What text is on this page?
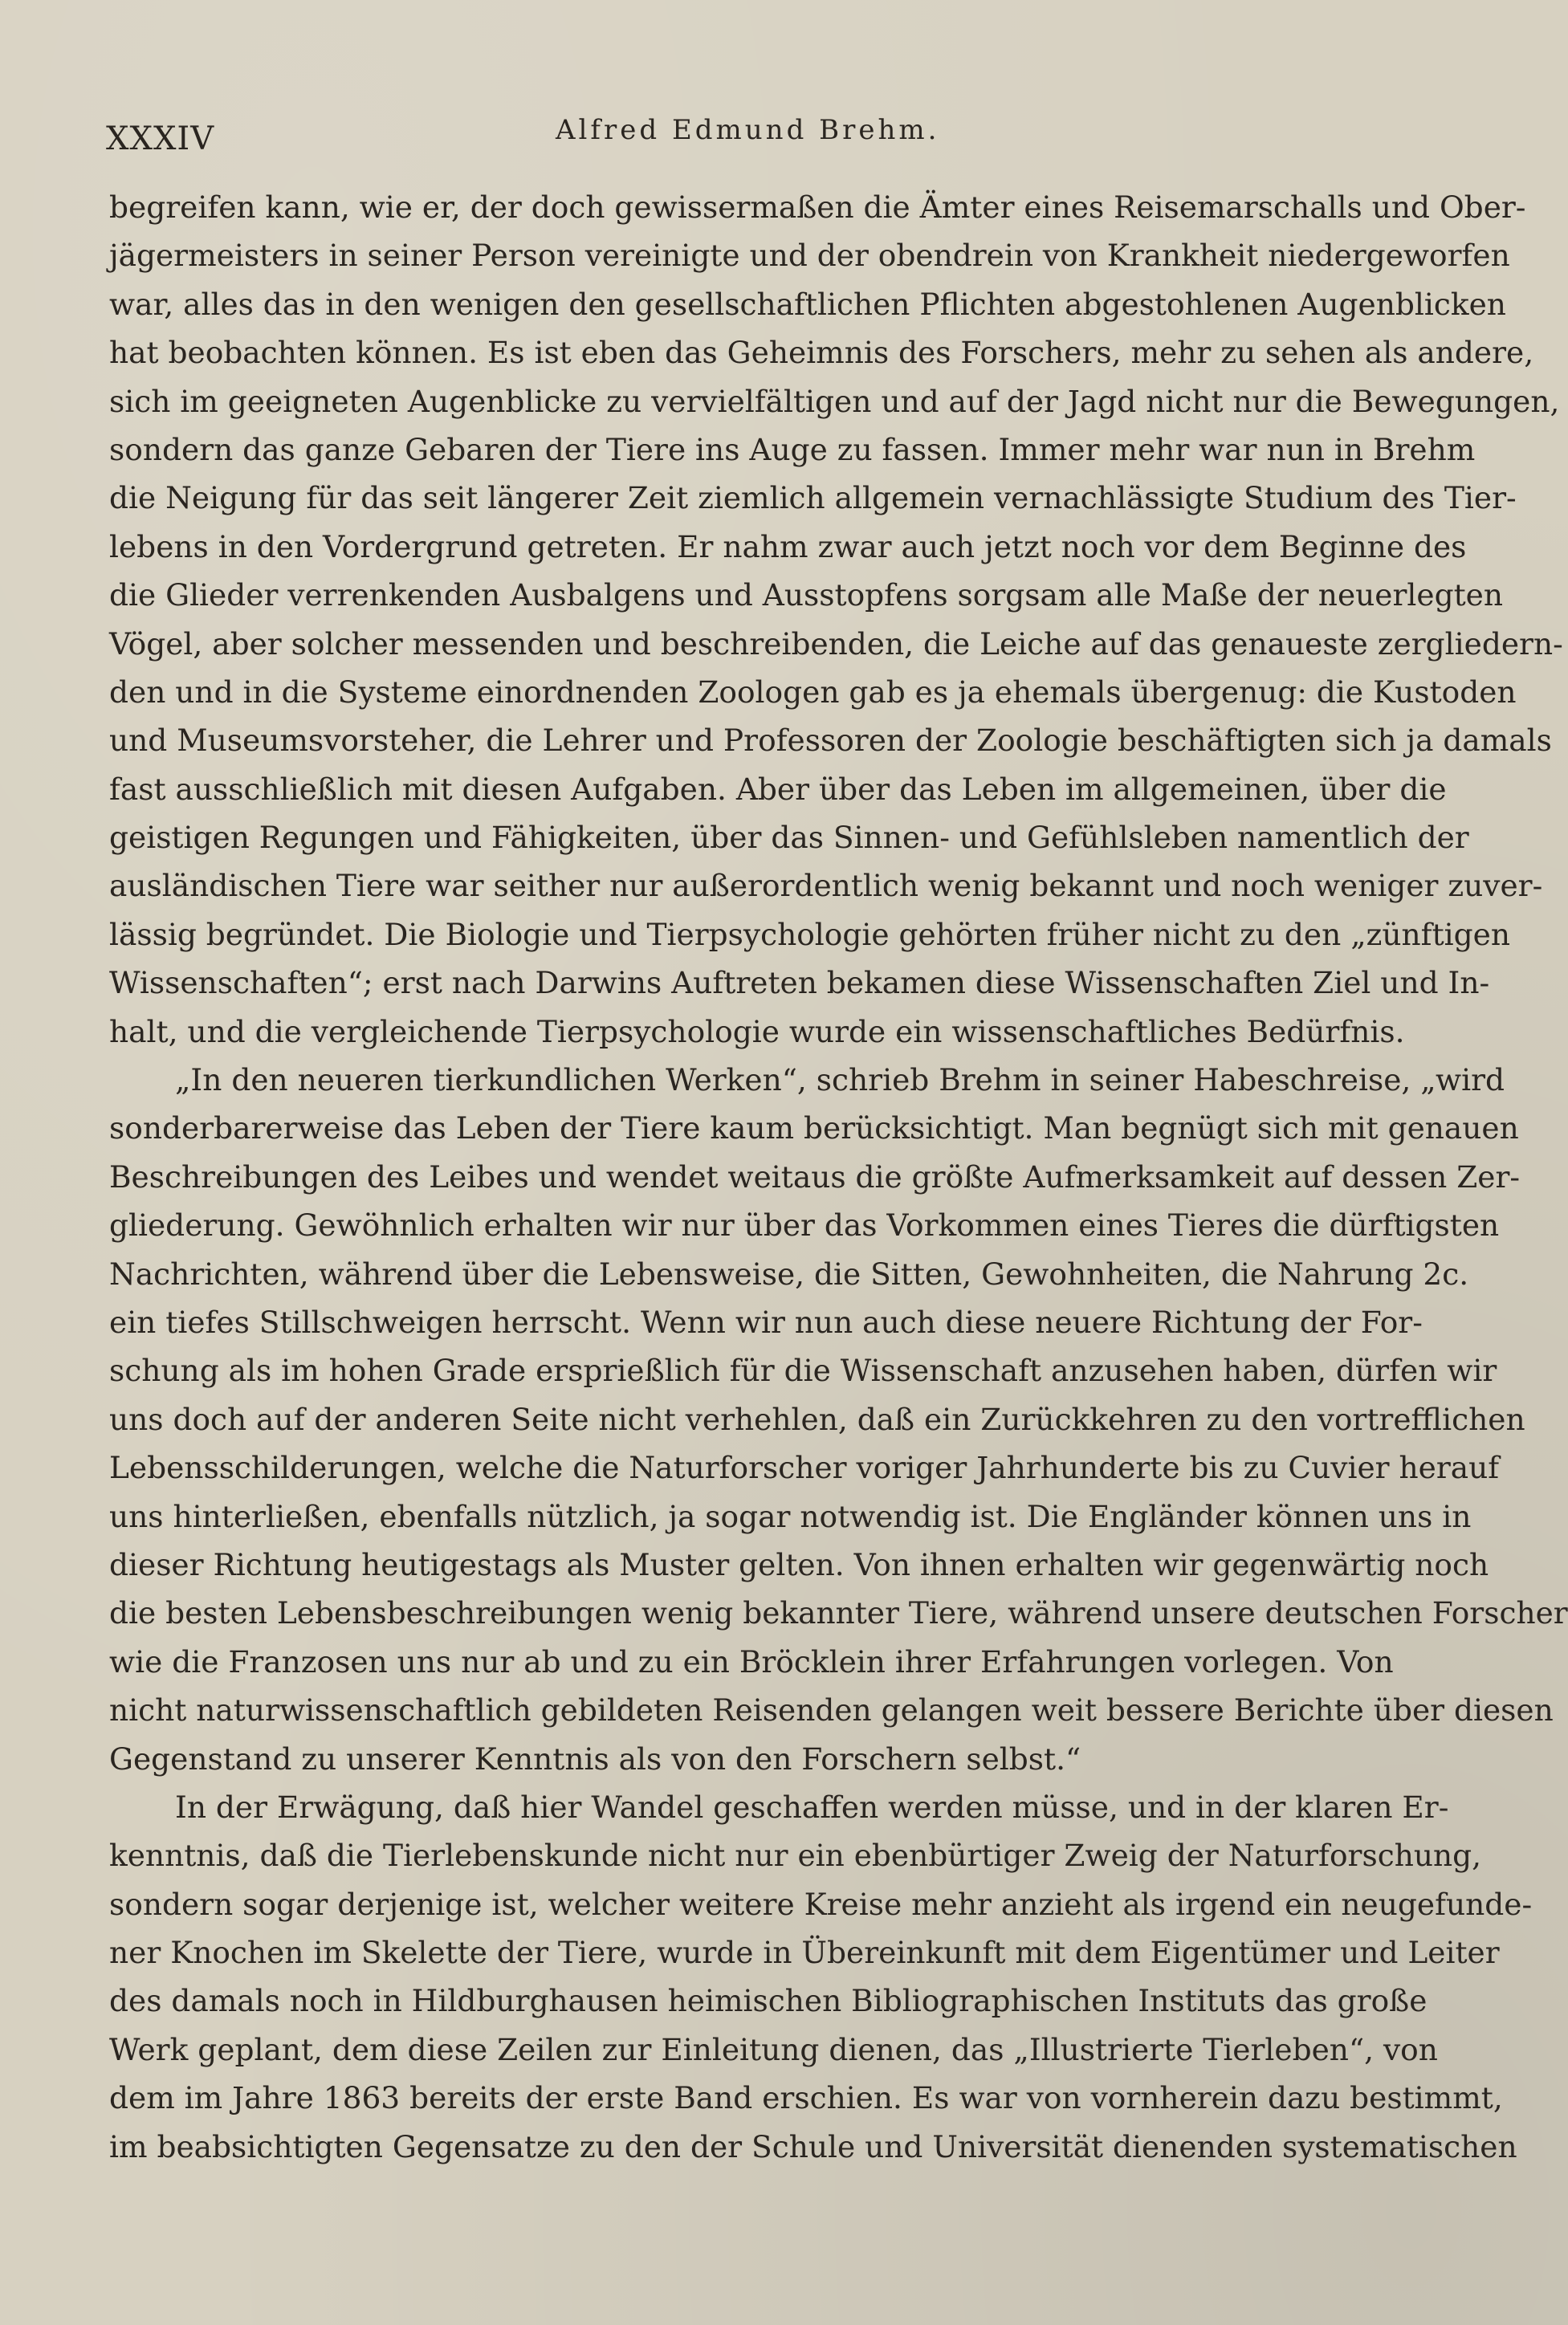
XXXIV	Alfred Edmund Brehm.
begreifen kann, wie er, der doch gewissermaßen die Ämter eines Reisemarschalls und Ober-
jägermeisters in seiner Person vereinigte und der obendrein von Krankheit niedergeworfen
war, alles das in den wenigen den gesellschaftlichen Pflichten abgestohlenen Augenblicken
hat beobachten können. Es ist eben das Geheimnis des Forschers, mehr zu sehen als andere,
sich im geeigneten Augenblicke zu vervielfältigen und auf der Jagd nicht nur die Bewegungen,
sondern das ganze Gebaren der Tiere ins Auge zu fassen. Immer mehr war nun in Brehm
die Neigung für das seit längerer Zeit ziemlich allgemein vernachlässigte Studium des Tier-
lebens in den Vordergrund getreten. Er nahm zwar auch jetzt noch vor dem Beginne des
die Glieder verrenkenden Ausbalgens und Ausstopfens sorgsam alle Maße der neuerlegten
Vögel, aber solcher messenden und beschreibenden, die Leiche auf das genaueste zergliedern-
den und in die Systeme einordnenden Zoologen gab es ja ehemals übergenug: die Kustoden
und Museumsvorsteher, die Lehrer und Professoren der Zoologie beschäftigten sich ja damals
fast ausschließlich mit diesen Aufgaben. Aber über das Leben im allgemeinen, über die
geistigen Regungen und Fähigkeiten, über das Sinnen- und Gefühlsleben namentlich der
ausländischen Tiere war seither nur außerordentlich wenig bekannt und noch weniger zuver-
lässig begründet. Die Biologie und Tierpsychologie gehörten früher nicht zu den „zünftigen
Wissenschaften“; erst nach Darwins Auftreten bekamen diese Wissenschaften Ziel und In-
halt, und die vergleichende Tierpsychologie wurde ein wissenschaftliches Bedürfnis.
„In den neueren tierkundlichen Werken“, schrieb Brehm in seiner Habeschreise, „wird
sonderbarerweise das Leben der Tiere kaum berücksichtigt. Man begnügt sich mit genauen
Beschreibungen des Leibes und wendet weitaus die größte Aufmerksamkeit auf dessen Zer-
gliederung. Gewöhnlich erhalten wir nur über das Vorkommen eines Tieres die dürftigsten
Nachrichten, während über die Lebensweise, die Sitten, Gewohnheiten, die Nahrung 2c.
ein tiefes Stillschweigen herrscht. Wenn wir nun auch diese neuere Richtung der For-
schung als im hohen Grade ersprießlich für die Wissenschaft anzusehen haben, dürfen wir
uns doch auf der anderen Seite nicht verhehlen, daß ein Zurückkehren zu den vortrefflichen
Lebensschilderungen, welche die Naturforscher voriger Jahrhunderte bis zu Cuvier herauf
uns hinterließen, ebenfalls nützlich, ja sogar notwendig ist. Die Engländer können uns in
dieser Richtung heutigestags als Muster gelten. Von ihnen erhalten wir gegenwärtig noch
die besten Lebensbeschreibungen wenig bekannter Tiere, während unsere deutschen Forscher
wie die Franzosen uns nur ab und zu ein Bröcklein ihrer Erfahrungen vorlegen. Von
nicht naturwissenschaftlich gebildeten Reisenden gelangen weit bessere Berichte über diesen
Gegenstand zu unserer Kenntnis als von den Forschern selbst.“
In der Erwägung, daß hier Wandel geschaffen werden müsse, und in der klaren Er-
kenntnis, daß die Tierlebenskunde nicht nur ein ebenbürtiger Zweig der Naturforschung,
sondern sogar derjenige ist, welcher weitere Kreise mehr anzieht als irgend ein neugefunde-
ner Knochen im Skelette der Tiere, wurde in Übereinkunft mit dem Eigentümer und Leiter
des damals noch in Hildburghausen heimischen Bibliographischen Instituts das große
Werk geplant, dem diese Zeilen zur Einleitung dienen, das „Illustrierte Tierleben“, von
dem im Jahre 1863 bereits der erste Band erschien. Es war von vornherein dazu bestimmt,
im beabsichtigten Gegensatze zu den der Schule und Universität dienenden systematischen
